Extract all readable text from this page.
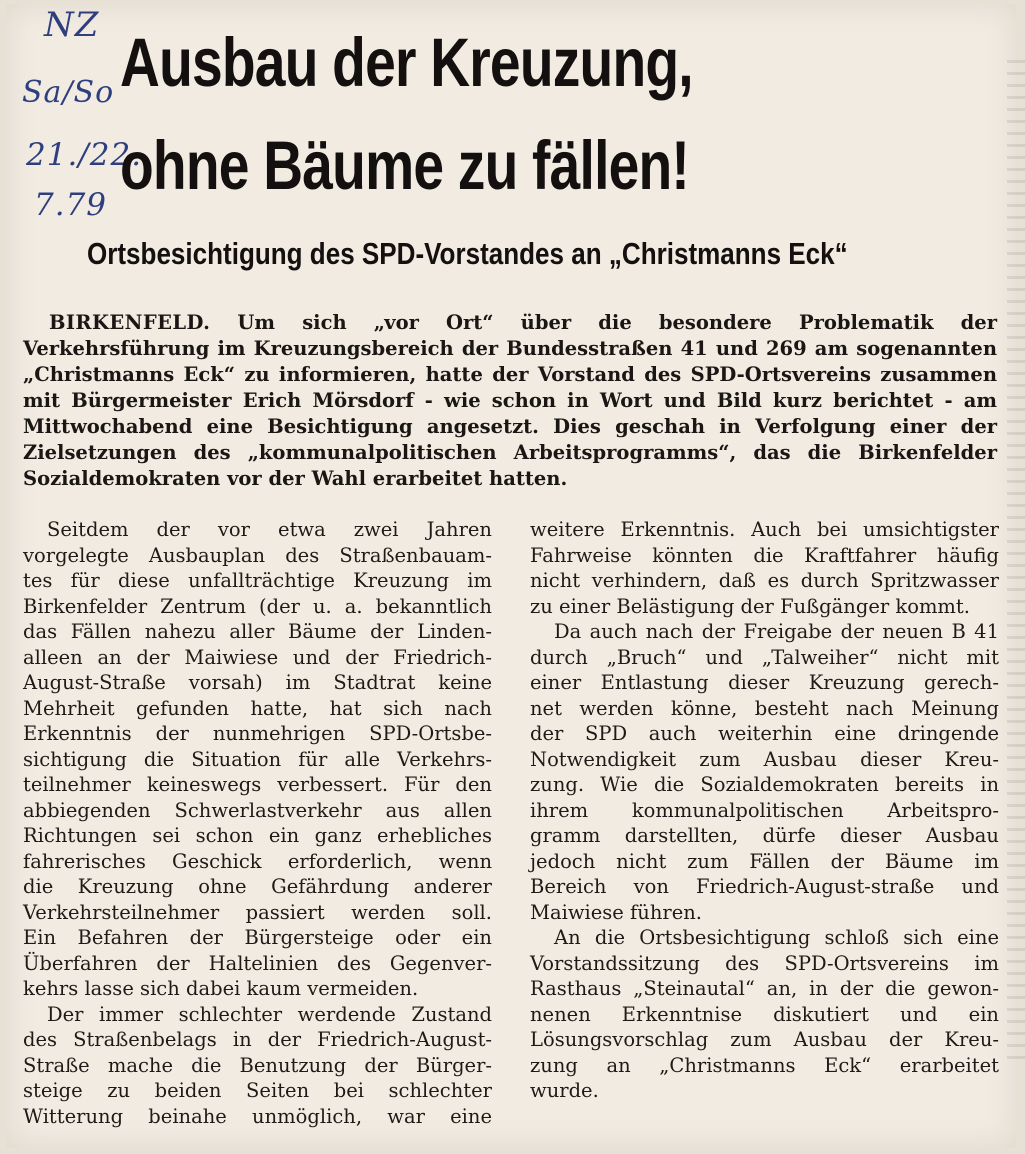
NZ
Sa/So
21./22.
7.79
Ausbau der Kreuzung,
ohne Bäume zu fällen!
Ortsbesichtigung des SPD-Vorstandes an „Christmanns Eck“

BIRKENFELD. Um sich „vor Ort“ über die besondere Problematik der Verkehrsführung im Kreuzungsbereich der Bundesstraßen 41 und 269 am sogenannten „Christmanns Eck“ zu informieren, hatte der Vorstand des SPD-Ortsvereins zusammen mit Bürgermeister Erich Mörsdorf - wie schon in Wort und Bild kurz berichtet - am Mittwochabend eine Besichtigung angesetzt. Dies geschah in Verfolgung einer der Zielsetzungen des „kommunalpolitischen Arbeitsprogramms“, das die Birkenfelder Sozialdemokraten vor der Wahl erarbeitet hatten.

Seitdem der vor etwa zwei Jahren

vorgelegte Ausbauplan des Straßenbauam-

tes für diese unfallträchtige Kreuzung im

Birkenfelder Zentrum (der u. a. bekanntlich

das Fällen nahezu aller Bäume der Linden-

alleen an der Maiwiese und der Friedrich-

August-Straße vorsah) im Stadtrat keine

Mehrheit gefunden hatte, hat sich nach

Erkenntnis der nunmehrigen SPD-Ortsbe-

sichtigung die Situation für alle Verkehrs-

teilnehmer keineswegs verbessert. Für den

abbiegenden Schwerlastverkehr aus allen

Richtungen sei schon ein ganz erhebliches

fahrerisches Geschick erforderlich, wenn

die Kreuzung ohne Gefährdung anderer

Verkehrsteilnehmer passiert werden soll.

Ein Befahren der Bürgersteige oder ein

Überfahren der Haltelinien des Gegenver-

kehrs lasse sich dabei kaum vermeiden.

Der immer schlechter werdende Zustand

des Straßenbelags in der Friedrich-August-

Straße mache die Benutzung der Bürger-

steige zu beiden Seiten bei schlechter

Witterung beinahe unmöglich, war eine

weitere Erkenntnis. Auch bei umsichtigster

Fahrweise könnten die Kraftfahrer häufig

nicht verhindern, daß es durch Spritzwasser

zu einer Belästigung der Fußgänger kommt.

Da auch nach der Freigabe der neuen B 41

durch „Bruch“ und „Talweiher“ nicht mit

einer Entlastung dieser Kreuzung gerech-

net werden könne, besteht nach Meinung

der SPD auch weiterhin eine dringende

Notwendigkeit zum Ausbau dieser Kreu-

zung. Wie die Sozialdemokraten bereits in

ihrem kommunalpolitischen Arbeitspro-

gramm darstellten, dürfe dieser Ausbau

jedoch nicht zum Fällen der Bäume im

Bereich von Friedrich-August-straße und

Maiwiese führen.

An die Ortsbesichtigung schloß sich eine

Vorstandssitzung des SPD-Ortsvereins im

Rasthaus „Steinautal“ an, in der die gewon-

nenen Erkenntnise diskutiert und ein

Lösungsvorschlag zum Ausbau der Kreu-

zung an „Christmanns Eck“ erarbeitet

wurde.
